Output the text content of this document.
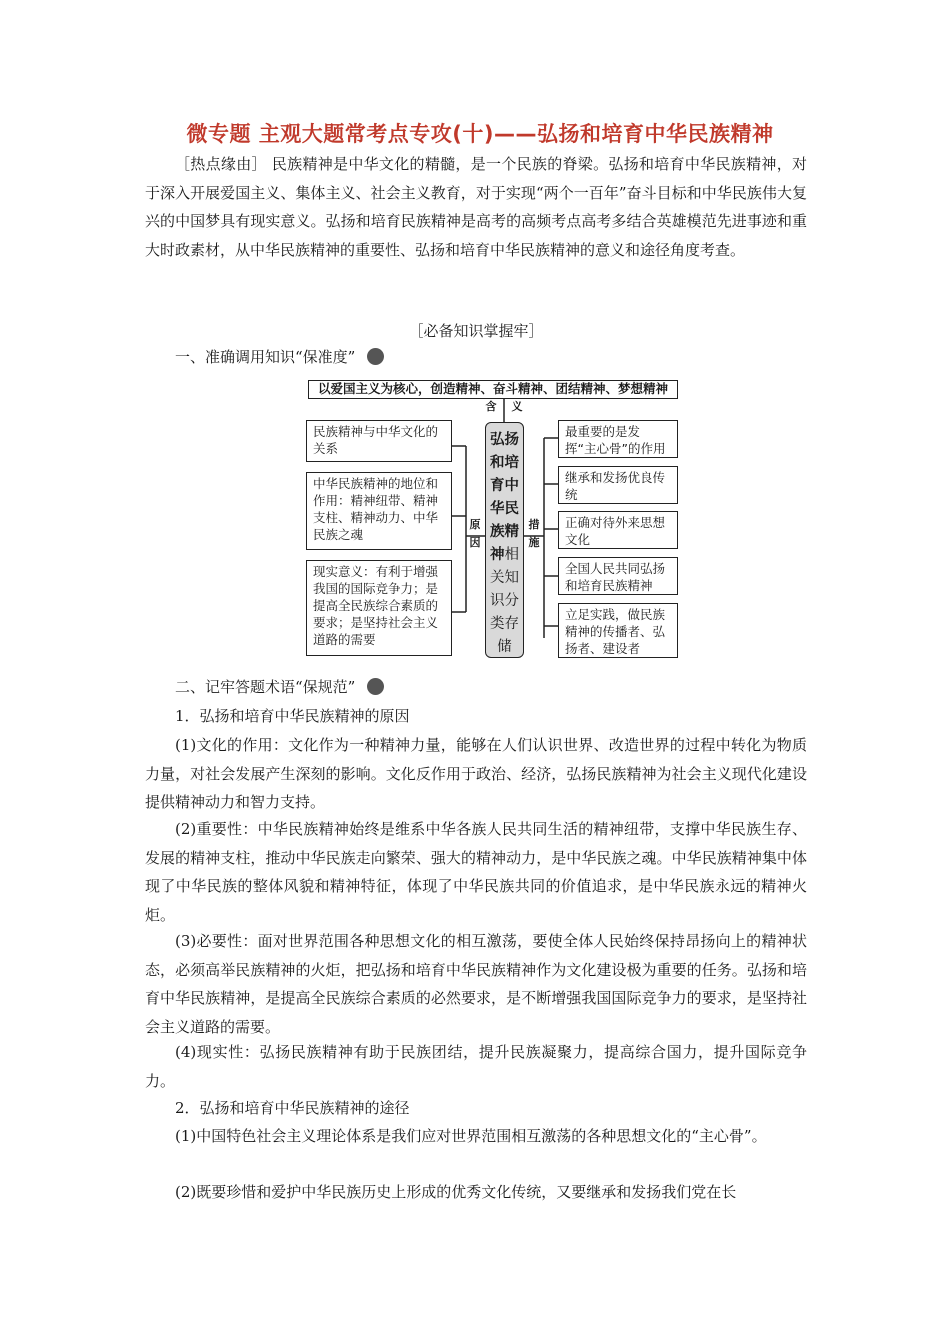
微专题 主观大题常考点专攻(十)——弘扬和培育中华民族精神
［热点缘由］ 民族精神是中华文化的精髓，是一个民族的脊梁。弘扬和培育中华民族精神，对于深入开展爱国主义、集体主义、社会主义教育，对于实现“两个一百年”奋斗目标和中华民族伟大复兴的中国梦具有现实意义。弘扬和培育民族精神是高考的高频考点高考多结合英雄模范先进事迹和重大时政素材，从中华民族精神的重要性、弘扬和培育中华民族精神的意义和途径角度考查。
［必备知识掌握牢］
一、准确调用知识“保准度”
以爱国主义为核心，创造精神、奋斗精神、团结精神、梦想精神
含 义
民族精神与中华文化的关系
中华民族精神的地位和作用：精神纽带、精神支柱、精神动力、中华民族之魂
现实意义：有利于增强我国的国际竞争力；是提高全民族综合素质的要求；是坚持社会主义道路的需要
原
因
措
施
弘扬
和培
育中
华民
族精
神相
关知
识分
类存
储
最重要的是发挥“主心骨”的作用
继承和发扬优良传统
正确对待外来思想文化
全国人民共同弘扬和培育民族精神
立足实践，做民族精神的传播者、弘扬者、建设者
二、记牢答题术语“保规范”
1．弘扬和培育中华民族精神的原因
(1)文化的作用：文化作为一种精神力量，能够在人们认识世界、改造世界的过程中转化为物质力量，对社会发展产生深刻的影响。文化反作用于政治、经济，弘扬民族精神为社会主义现代化建设提供精神动力和智力支持。
(2)重要性：中华民族精神始终是维系中华各族人民共同生活的精神纽带，支撑中华民族生存、发展的精神支柱，推动中华民族走向繁荣、强大的精神动力，是中华民族之魂。中华民族精神集中体现了中华民族的整体风貌和精神特征，体现了中华民族共同的价值追求，是中华民族永远的精神火炬。
(3)必要性：面对世界范围各种思想文化的相互激荡，要使全体人民始终保持昂扬向上的精神状态，必须高举民族精神的火炬，把弘扬和培育中华民族精神作为文化建设极为重要的任务。弘扬和培育中华民族精神，是提高全民族综合素质的必然要求，是不断增强我国国际竞争力的要求，是坚持社会主义道路的需要。
(4)现实性：弘扬民族精神有助于民族团结，提升民族凝聚力，提高综合国力，提升国际竞争力。
2．弘扬和培育中华民族精神的途径
(1)中国特色社会主义理论体系是我们应对世界范围相互激荡的各种思想文化的“主心骨”。
(2)既要珍惜和爱护中华民族历史上形成的优秀文化传统，又要继承和发扬我们党在长
